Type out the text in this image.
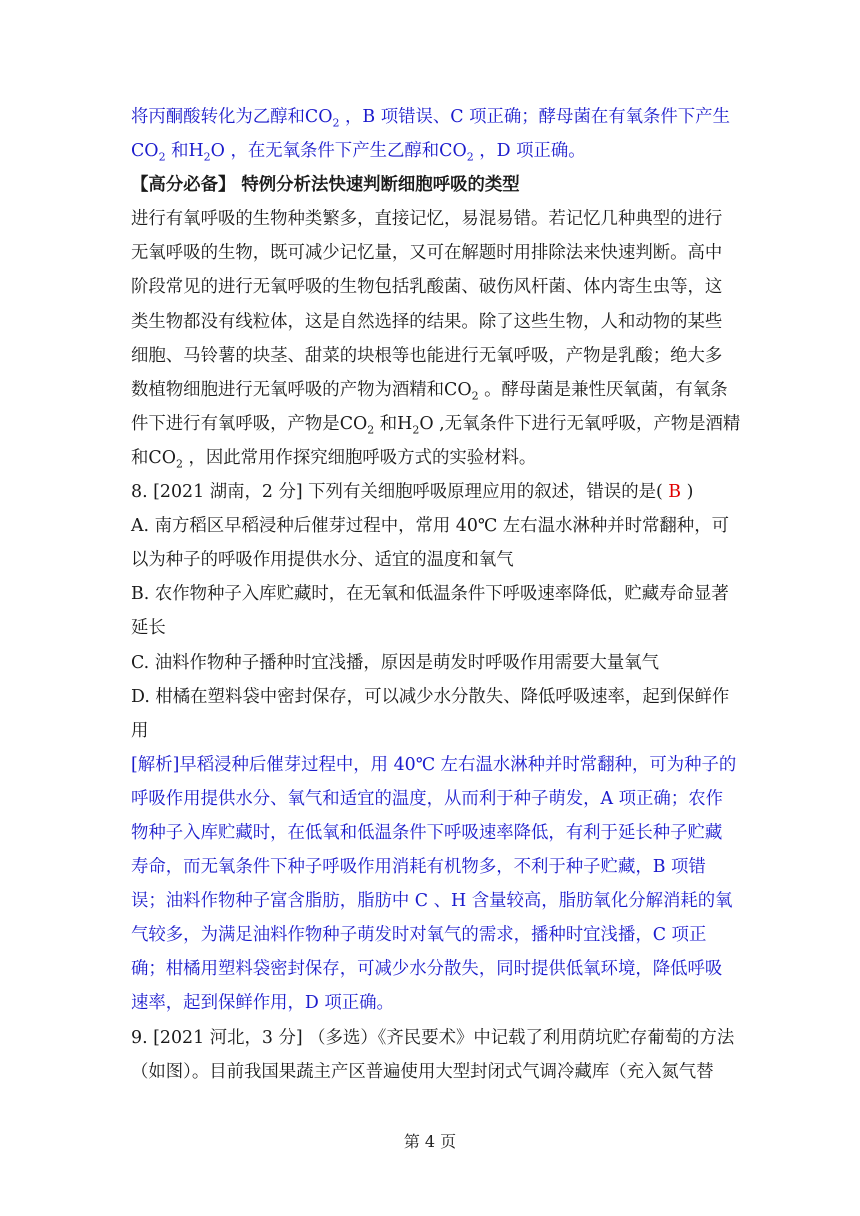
将丙酮酸转化为乙醇和$CO_2$ ，B 项错误、C 项正确；酵母菌在有氧条件下产生
$CO_2$ 和$H_2O$ ，在无氧条件下产生乙醇和$CO_2$ ，D 项正确。
【高分必备】 特例分析法快速判断细胞呼吸的类型
进行有氧呼吸的生物种类繁多，直接记忆，易混易错。若记忆几种典型的进行
无氧呼吸的生物，既可减少记忆量，又可在解题时用排除法来快速判断。高中
阶段常见的进行无氧呼吸的生物包括乳酸菌、破伤风杆菌、体内寄生虫等，这
类生物都没有线粒体，这是自然选择的结果。除了这些生物，人和动物的某些
细胞、马铃薯的块茎、甜菜的块根等也能进行无氧呼吸，产物是乳酸；绝大多
数植物细胞进行无氧呼吸的产物为酒精和$CO_2$ 。酵母菌是兼性厌氧菌，有氧条
件下进行有氧呼吸，产物是$CO_2$ 和$H_2O$ ,无氧条件下进行无氧呼吸，产物是酒精
和$CO_2$ ，因此常用作探究细胞呼吸方式的实验材料。
8. [2021 湖南，2 分] 下列有关细胞呼吸原理应用的叙述，错误的是( B )
A. 南方稻区早稻浸种后催芽过程中，常用 40℃ 左右温水淋种并时常翻种，可
以为种子的呼吸作用提供水分、适宜的温度和氧气
B. 农作物种子入库贮藏时，在无氧和低温条件下呼吸速率降低，贮藏寿命显著
延长
C. 油料作物种子播种时宜浅播，原因是萌发时呼吸作用需要大量氧气
D. 柑橘在塑料袋中密封保存，可以减少水分散失、降低呼吸速率，起到保鲜作
用
[解析]早稻浸种后催芽过程中，用 40℃ 左右温水淋种并时常翻种，可为种子的
呼吸作用提供水分、氧气和适宜的温度，从而利于种子萌发，A 项正确；农作
物种子入库贮藏时，在低氧和低温条件下呼吸速率降低，有利于延长种子贮藏
寿命，而无氧条件下种子呼吸作用消耗有机物多，不利于种子贮藏，B 项错
误；油料作物种子富含脂肪，脂肪中 C 、H 含量较高，脂肪氧化分解消耗的氧
气较多，为满足油料作物种子萌发时对氧气的需求，播种时宜浅播，C 项正
确；柑橘用塑料袋密封保存，可减少水分散失，同时提供低氧环境，降低呼吸
速率，起到保鲜作用，D 项正确。
9. [2021 河北，3 分] （多选）《齐民要术》中记载了利用荫坑贮存葡萄的方法
（如图）。目前我国果蔬主产区普遍使用大型封闭式气调冷藏库（充入氮气替
第 4 页
